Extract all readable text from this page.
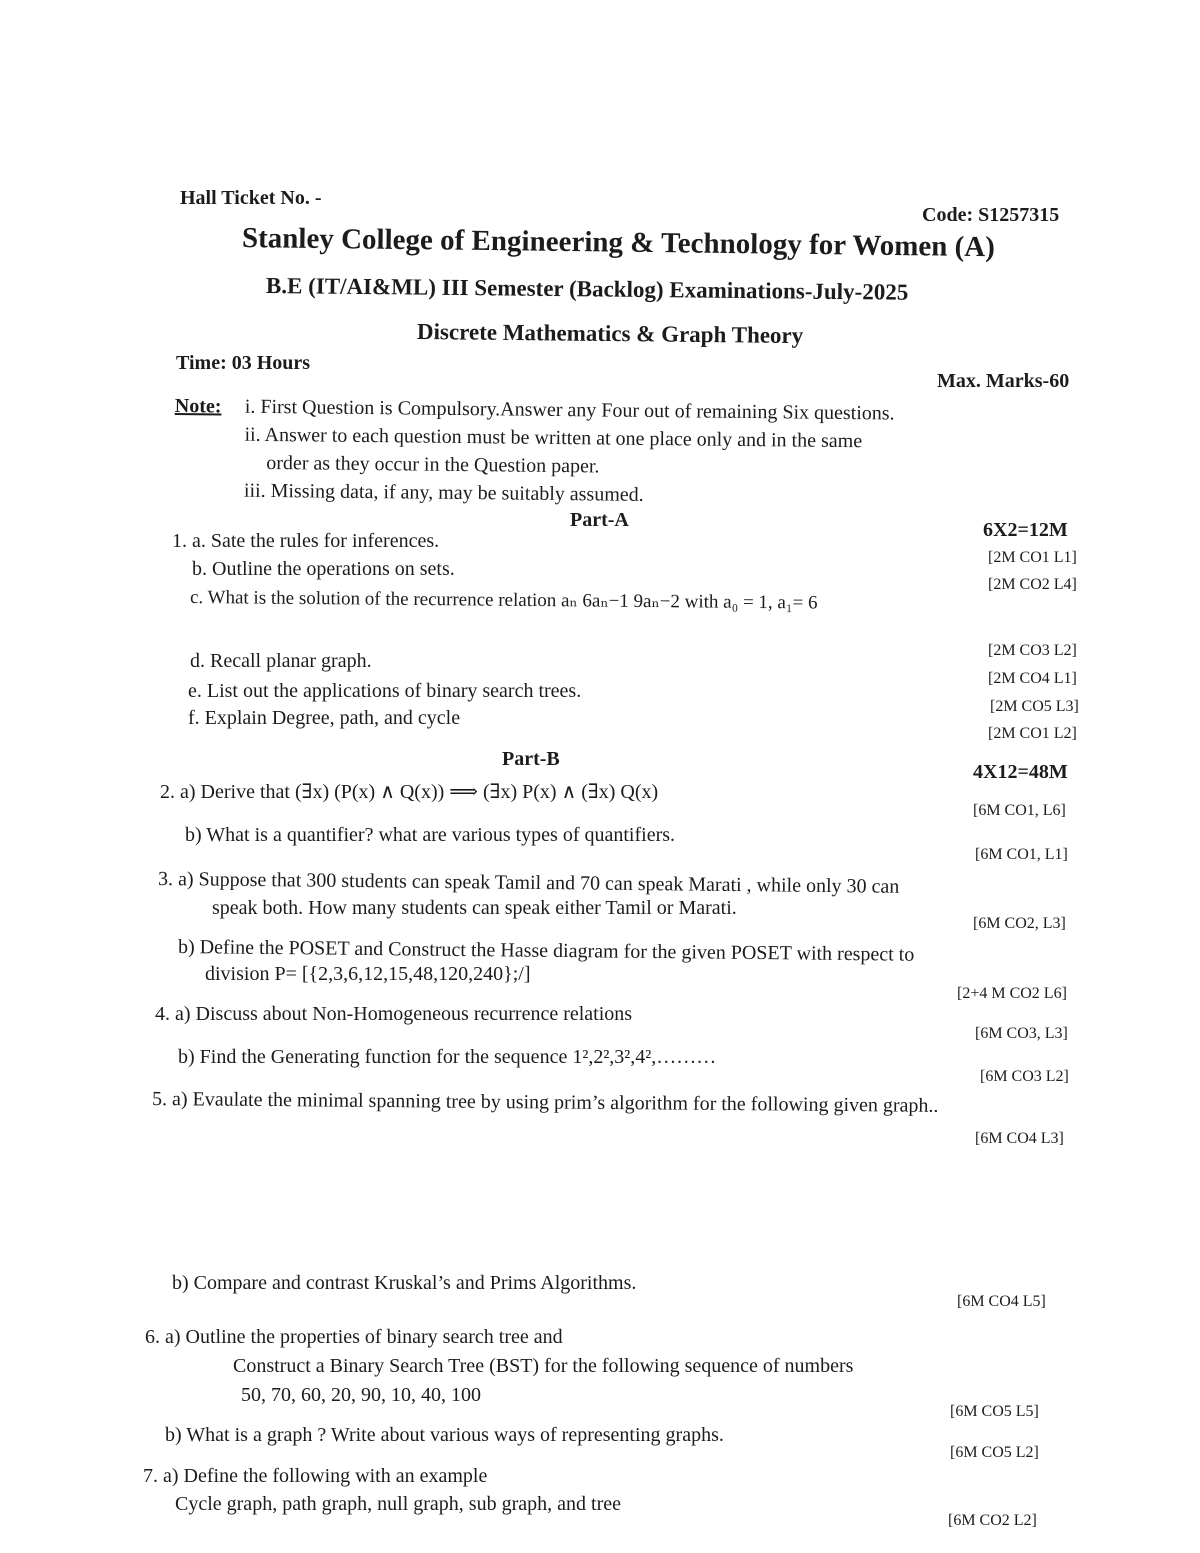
Hall Ticket No. -
Code: S1257315
Stanley College of Engineering & Technology for Women (A)
B.E (IT/AI&ML) III Semester (Backlog) Examinations-July-2025
Discrete Mathematics & Graph Theory
Time: 03 Hours
Max. Marks-60
Note: i. First Question is Compulsory.Answer any Four out of remaining Six questions.
ii. Answer to each question must be written at one place only and in the same
order as they occur in the Question paper.
iii. Missing data, if any, may be suitably assumed.
Part-A	6X2=12M
1. a. Sate the rules for inferences.
[2M CO1 L1]
b. Outline the operations on sets.
[2M CO2 L4]
c. What is the solution of the recurrence relation aₙ 6aₙ−1 9aₙ−2 with a₀ = 1, a₁= 6
[2M CO3 L2]
d. Recall planar graph.
[2M CO4 L1]
e. List out the applications of binary search trees.
[2M CO5 L3]
f. Explain Degree, path, and cycle
[2M CO1 L2]
Part-B
4X12=48M
2. a) Derive that (∃x) (P(x) ∧ Q(x)) ⟹ (∃x) P(x) ∧ (∃x) Q(x)
[6M CO1, L6]
b) What is a quantifier? what are various types of quantifiers.
[6M CO1, L1]
3. a) Suppose that 300 students can speak Tamil and 70 can speak Marati , while only 30 can
speak both. How many students can speak either Tamil or Marati.
[6M CO2, L3]
b) Define the POSET and Construct the Hasse diagram for the given POSET with respect to
division P= [{2,3,6,12,15,48,120,240};/]
[2+4 M CO2 L6]
4. a) Discuss about Non-Homogeneous recurrence relations
[6M CO3, L3]
b) Find the Generating function for the sequence 1²,2²,3²,4²,………
[6M CO3 L2]
5. a) Evaulate the minimal spanning tree by using prim’s algorithm for the following given graph..
[6M CO4 L3]
b) Compare and contrast Kruskal’s and Prims Algorithms.
[6M CO4 L5]
6. a) Outline the properties of binary search tree and
Construct a Binary Search Tree (BST) for the following sequence of numbers
50, 70, 60, 20, 90, 10, 40, 100
[6M CO5 L5]
b) What is a graph ? Write about various ways of representing graphs.
[6M CO5 L2]
7. a) Define the following with an example
Cycle graph, path graph, null graph, sub graph, and tree
[6M CO2 L2]
